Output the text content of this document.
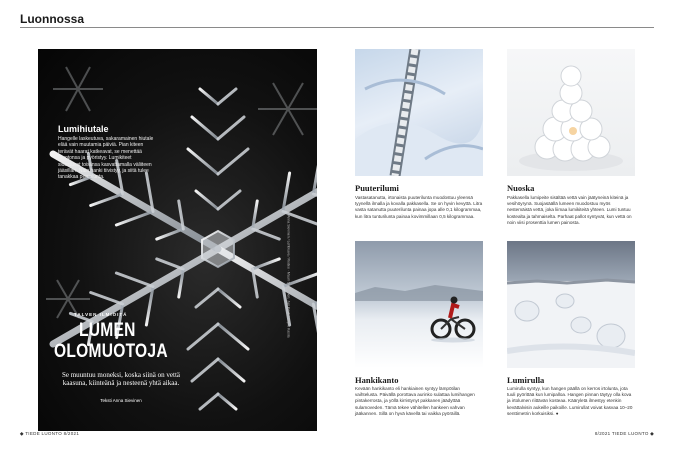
Luonnossa
Kuvat: Anna Sievinen / Lehtikuva / Rodeo · Mauri Sieppanen, Jari Kostet, Tapio Kaisla
Lumihiutale
Hangelle laskeutuva, sakaramainen hiutale elää vain muutamia päiviä. Pian kiteen terävät haarat katkeavat, se menettää muotonsa ja pyöristyy. Lumikiteet sidostuvat toisiinsa kasvattamalla väliiteen jääsillan. Näin hanki tiivistyy, ja siitä tulee tanakkaa perusluntа.
TALVEN ILMIÖITÄ
LUMEN
OLOMUOTOJA
Se muuntuu moneksi, koska siinä on vettä kaasuna, kiinteänä ja nesteenä yhtä aikaa.
Teksti Anna Sievinen
Puuterilumi
Vastasatanutta, irtonaista puuterilunta muodostuu yleensä tyynellä ilmalla ja kovalla pakkasella. Se on hyvin kevyttä. Litra vasta satanutta puuterilunta painaa jopa alle 0,1 kilogrammaa, kun litra tunturilunta painaa kovimmillaan 0,5 kilogrammaa.
Nuoska
Pakkasella lumipeite sisältää vettä vain jäätyneinä kiteinä ja vesihöyrynä. Suojasäällä lumeen muodostuu myös nestemäistä vettä, joka liimaa lumikiteitä yhteen. Lumi tuntuu kostealta ja tahmaiselta. Parhaat pallot syntyvät, kun vettä on noin viisi prosenttia lumen painosta.
Hankikanto
Kevään hankikanto eli hankiainen syntyy lämpötilan vaihtelusta. Päivällä porottava aurinko sulattaa lumihangen pintakerrosta, ja yöllä kirristynyt pakkanen jäädyttää sulamoveden. Tämä tekee vähitellen hankeen vahvan jääkannen. Sillä on hyvä kävellä tai vaikka pyöräillä.
Lumirulla
Lumirulla syntyy, kun hangen päällä on kerros irtolunta, jota tuuli pyörittää kun lumipalloa. Hangen pinnan täytyy olla kova ja irtolumen riittävän kosteaa. Kääryletä ilmestyy etenkin kevättalvisin aukeille paikoille. Lumirullat voivat kasvaa 10–20 senttimetrin korkuisiksi. ●
◆ TIEDE LUONTO 8/2021	8/2021 TIEDE LUONTO ◆
